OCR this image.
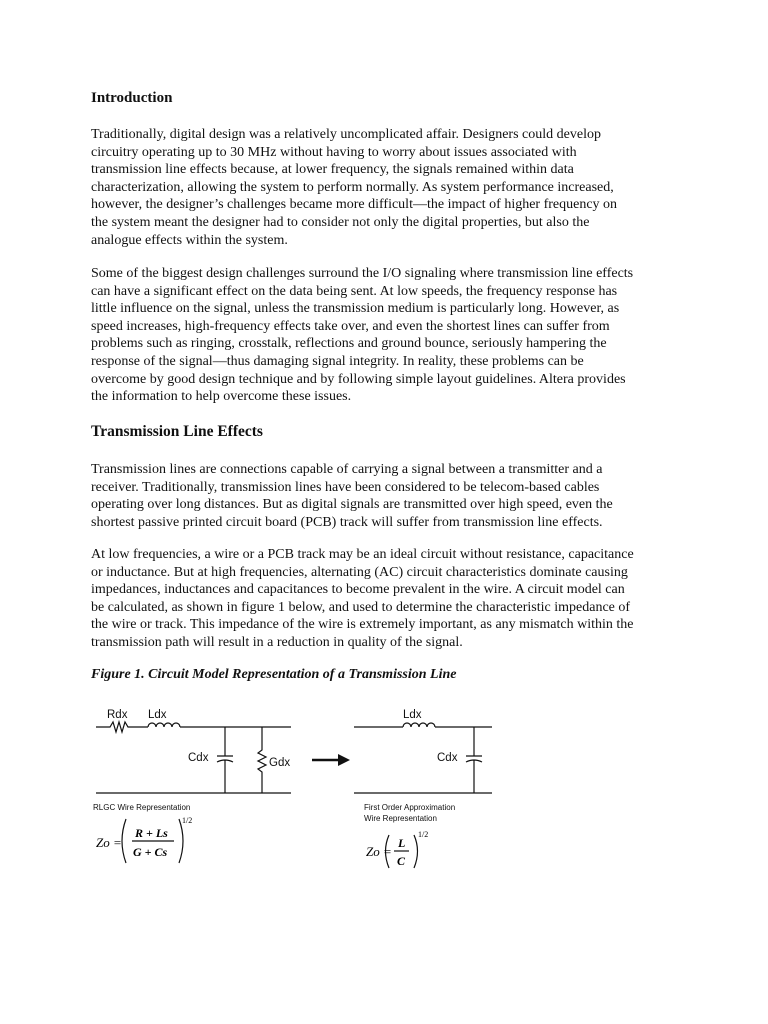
Introduction

Traditionally, digital design was a relatively uncomplicated affair. Designers could develop
circuitry operating up to 30 MHz without having to worry about issues associated with
transmission line effects because, at lower frequency, the signals remained within data
characterization, allowing the system to perform normally. As system performance increased,
however, the designer’s challenges became more difficult—the impact of higher frequency on
the system meant the designer had to consider not only the digital properties, but also the
analogue effects within the system.

Some of the biggest design challenges surround the I/O signaling where transmission line effects
can have a significant effect on the data being sent. At low speeds, the frequency response has
little influence on the signal, unless the transmission medium is particularly long. However, as
speed increases, high-frequency effects take over, and even the shortest lines can suffer from
problems such as ringing, crosstalk, reflections and ground bounce, seriously hampering the
response of the signal—thus damaging signal integrity. In reality, these problems can be
overcome by good design technique and by following simple layout guidelines. Altera provides
the information to help overcome these issues.

Transmission Line Effects

Transmission lines are connections capable of carrying a signal between a transmitter and a
receiver. Traditionally, transmission lines have been considered to be telecom-based cables
operating over long distances. But as digital signals are transmitted over high speed, even the
shortest passive printed circuit board (PCB) track will suffer from transmission line effects.

At low frequencies, a wire or a PCB track may be an ideal circuit without resistance, capacitance
or inductance. But at high frequencies, alternating (AC) circuit characteristics dominate causing
impedances, inductances and capacitances to become prevalent in the wire. A circuit model can
be calculated, as shown in figure 1 below, and used to determine the characteristic impedance of
the wire or track. This impedance of the wire is extremely important, as any mismatch within the
transmission path will result in a reduction in quality of the signal.

Figure 1. Circuit Model Representation of a Transmission Line

Rdx Ldx
Cdx	Gdx
RLGC Wire Representation
Ldx
Cdx
First Order Approximation
Wire Representation
Zo =
R + Ls
G + Cs
1/2
Zo =
L
C
1/2
